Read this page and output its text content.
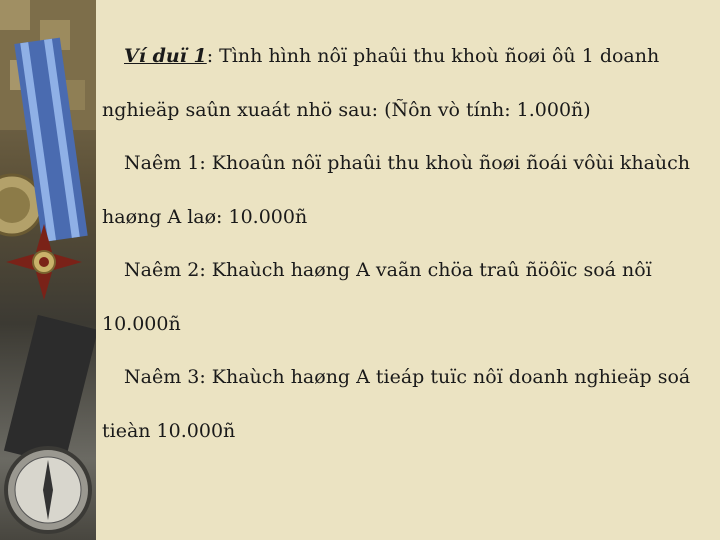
Ví duï 1: Tình hình nôï phaûi thu khoù ñoøi ôû 1 doanh
nghieäp saûn xuaát nhö sau: (Ñôn vò tính: 1.000ñ)
Naêm 1: Khoaûn nôï phaûi thu khoù ñoøi ñoái vôùi khaùch
haøng A laø: 10.000ñ
Naêm 2: Khaùch haøng A vaãn chöa traû ñöôïc soá nôï
10.000ñ
Naêm 3: Khaùch haøng A tieáp tuïc nôï doanh nghieäp soá
tieàn 10.000ñ
